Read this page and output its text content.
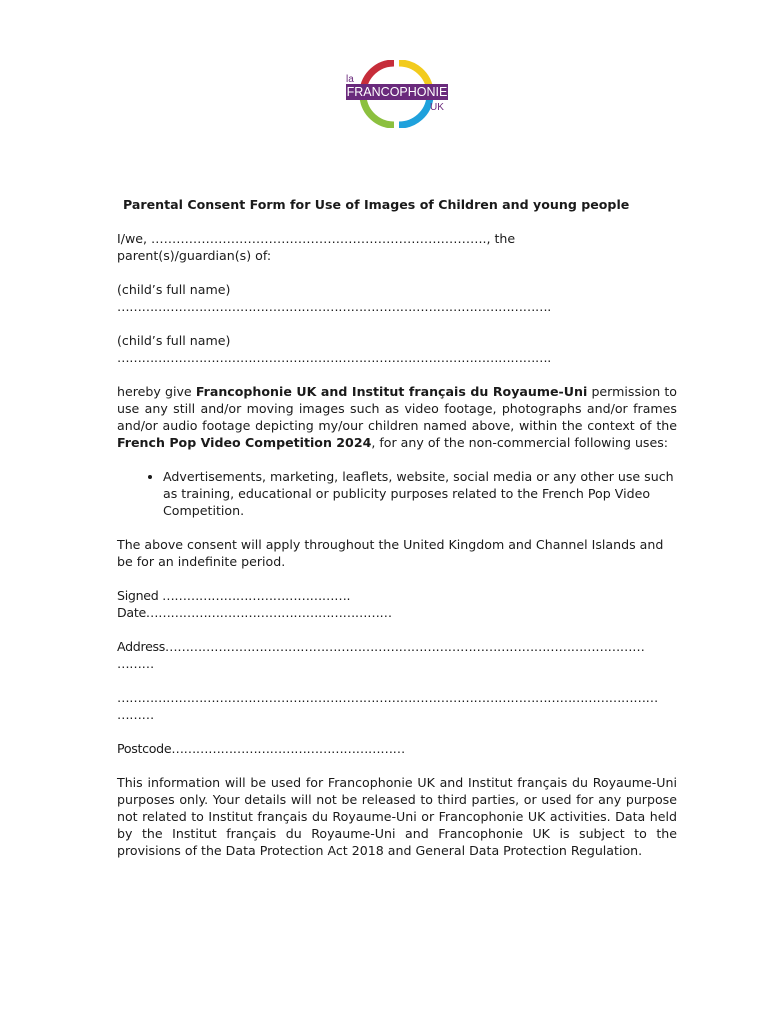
la
FRANCOPHONIE
UK
Parental Consent Form for Use of Images of Children and young people

I/we, …………………………………………………………………….., the

parent(s)/guardian(s) of:

(child’s full name)

…………………………………………………………………………………………….

(child’s full name)

…………………………………………………………………………………………….

hereby give Francophonie UK and Institut français du Royaume-Uni permission to use any still and/or moving images such as video footage, photographs and/or frames and/or audio footage depicting my/our children named above, within the context of the French Pop Video Competition 2024, for any of the non-commercial following uses:

• Advertisements, marketing, leaflets, website, social media or any other use such as training, educational or publicity purposes related to the French Pop Video Competition.

The above consent will apply throughout the United Kingdom and Channel Islands and be for an indefinite period.

Signed ……………………………………….

Date……………………………………………………

Address………………………………………………………………………………………………………

………

……………………………………………………………………………………………………………………

………

Postcode…………………………………………………

This information will be used for Francophonie UK and Institut français du Royaume-Uni purposes only. Your details will not be released to third parties, or used for any purpose not related to Institut français du Royaume-Uni or Francophonie UK activities. Data held by the Institut français du Royaume-Uni and Francophonie UK is subject to the provisions of the Data Protection Act 2018 and General Data Protection Regulation.
